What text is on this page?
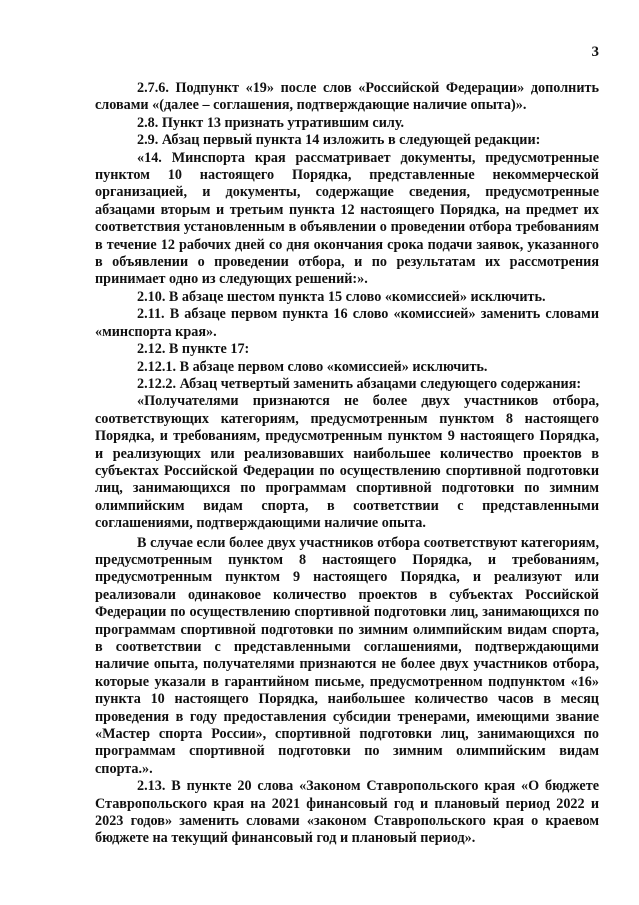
3

2.7.6. Подпункт «19» после слов «Российской Федерации» дополнить словами «(далее – соглашения, подтверждающие наличие опыта)».

2.8. Пункт 13 признать утратившим силу.

2.9. Абзац первый пункта 14 изложить в следующей редакции:

«14. Минспорта края рассматривает документы, предусмотренные пунктом 10 настоящего Порядка, представленные некоммерческой организацией, и документы, содержащие сведения, предусмотренные абзацами вторым и третьим пункта 12 настоящего Порядка, на предмет их соответствия установленным в объявлении о проведении отбора требованиям в течение 12 рабочих дней со дня окончания срока подачи заявок, указанного в объявлении о проведении отбора, и по результатам их рассмотрения принимает одно из следующих решений:».

2.10. В абзаце шестом пункта 15 слово «комиссией» исключить.

2.11. В абзаце первом пункта 16 слово «комиссией» заменить словами «минспорта края».

2.12. В пункте 17:

2.12.1. В абзаце первом слово «комиссией» исключить.

2.12.2. Абзац четвертый заменить абзацами следующего содержания:

«Получателями признаются не более двух участников отбора, соответствующих категориям, предусмотренным пунктом 8 настоящего Порядка, и требованиям, предусмотренным пунктом 9 настоящего Порядка, и реализующих или реализовавших наибольшее количество проектов в субъектах Российской Федерации по осуществлению спортивной подготовки лиц, занимающихся по программам спортивной подготовки по зимним олимпийским видам спорта, в соответствии с представленными соглашениями, подтверждающими наличие опыта.

В случае если более двух участников отбора соответствуют категориям, предусмотренным пунктом 8 настоящего Порядка, и требованиям, предусмотренным пунктом 9 настоящего Порядка, и реализуют или реализовали одинаковое количество проектов в субъектах Российской Федерации по осуществлению спортивной подготовки лиц, занимающихся по программам спортивной подготовки по зимним олимпийским видам спорта, в соответствии с представленными соглашениями, подтверждающими наличие опыта, получателями признаются не более двух участников отбора, которые указали в гарантийном письме, предусмотренном подпунктом «16» пункта 10 настоящего Порядка, наибольшее количество часов в месяц проведения в году предоставления субсидии тренерами, имеющими звание «Мастер спорта России», спортивной подготовки лиц, занимающихся по программам спортивной подготовки по зимним олимпийским видам спорта.».

2.13. В пункте 20 слова «Законом Ставропольского края «О бюджете Ставропольского края на 2021 финансовый год и плановый период 2022 и 2023 годов» заменить словами «законом Ставропольского края о краевом бюджете на текущий финансовый год и плановый период».
